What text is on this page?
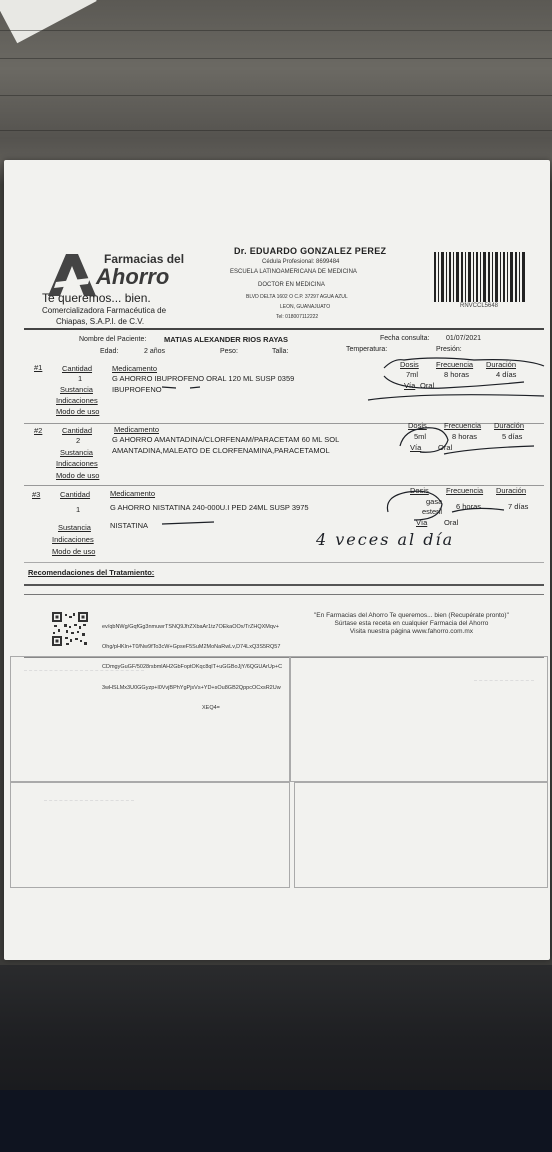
Farmacias del
Ahorro
Te queremos... bien.
Comercializadora Farmacéutica de
Chiapas, S.A.P.I. de C.V.
Dr. EDUARDO GONZALEZ PEREZ
Cédula Profesional: 8699484
ESCUELA LATINOAMERICANA DE MEDICINA
DOCTOR EN MEDICINA
BLVD DELTA 1602 O C.P. 37297 AGUA AZUL
LEON, GUANAJUATO
Tel: 018007112222
RNVCCL5648
Nombre del Paciente: MATIAS ALEXANDER RIOS RAYAS	Fecha consulta: 01/07/2021
Edad:	2 años	Peso:	Talla:	Temperatura:	Presión:
#1	Cantidad	Medicamento
1	G AHORRO IBUPROFENO ORAL 120 ML SUSP 0359
Sustancia	IBUPROFENO
Indicaciones
Modo de uso
Dosis Frecuencia Duración
7ml	8 horas	4 días
Vía Oral
#2	Cantidad	Medicamento
2	G AHORRO AMANTADINA/CLORFENAM/PARACETAM 60 ML SOL
Sustancia	AMANTADINA,MALEATO DE CLORFENAMINA,PARACETAMOL
Indicaciones
Modo de uso
Dosis Frecuencia Duración
5ml	8 horas	5 días
Vía Oral
#3	Cantidad	Medicamento
1	G AHORRO NISTATINA 240-000U.I PED 24ML SUSP 3975
Sustancia	NISTATINA
Indicaciones
Modo de uso
Dosis Frecuencia Duración
gasa
esteril
6 horas	7 días
Vía Oral
4 veces al día
Recomendaciones del Tratamiento:

ev/qbNWg/GqfGg3nmuwrTSNQ9JfrZXbaAr1tz7OEkaOOx/TrZHQXMqv+

Ohg/pHKln+T0/Nw9fTo3cW+GpseF5SuM2MoNaRwLv,D74LxQ3S5RQ57

CDmgyGuGF/5028rsbmlAH2GbFoptOKqc8qlT+uGGBoJjY/6QGUArUp+C

3wHSLMx3U0GGyzp+l0VvjBPhYgPjsVs+YD+sOu8GB2QppcOCxsR2Uw

XEQ4=

"En Farmacias del Ahorro Te queremos... bien (Recupérate pronto)"
Súrtase esta receta en cualquier Farmacia del Ahorro
Visita nuestra página www.fahorro.com.mx
